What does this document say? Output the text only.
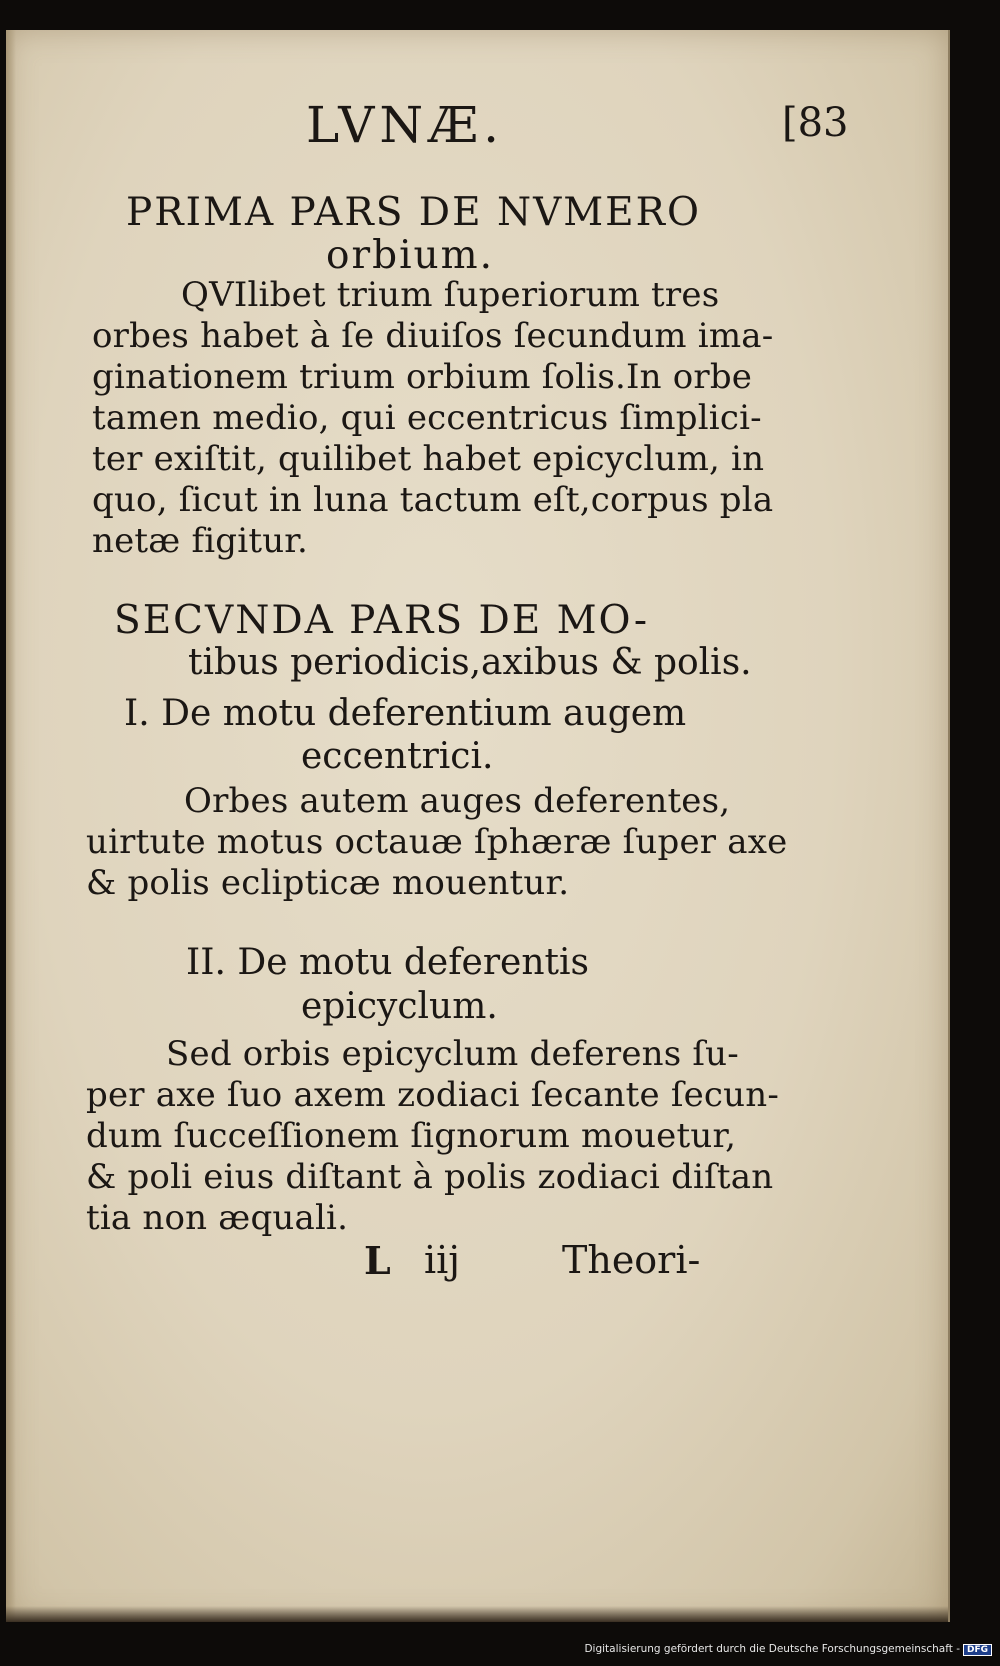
LVNÆ.	[83
PRIMA PARS DE NVMERO
orbium.
QVIlibet trium ſuperiorum tres
orbes habet à ſe diuiſos ſecundum ima-
ginationem trium orbium ſolis.In orbe
tamen medio, qui eccentricus ſimplici-
ter exiſtit, quilibet habet epicyclum, in
quo, ſicut in luna tactum eſt,corpus pla
netæ figitur.
SECVNDA PARS DE MO-
tibus periodicis,axibus & polis.
I. De motu deferentium augem
eccentrici.
Orbes autem auges deferentes,
uirtute motus octauæ ſphæræ ſuper axe
& polis eclipticæ mouentur.
II. De motu deferentis
epicyclum.
Sed orbis epicyclum deferens ſu-
per axe ſuo axem zodiaci ſecante ſecun-
dum ſucceſſionem ſignorum mouetur,
& poli eius diſtant à polis zodiaci diſtan
tia non æquali.
L iij	Theori-
Digitalisierung gefördert durch die Deutsche Forschungsgemeinschaft - DFG
